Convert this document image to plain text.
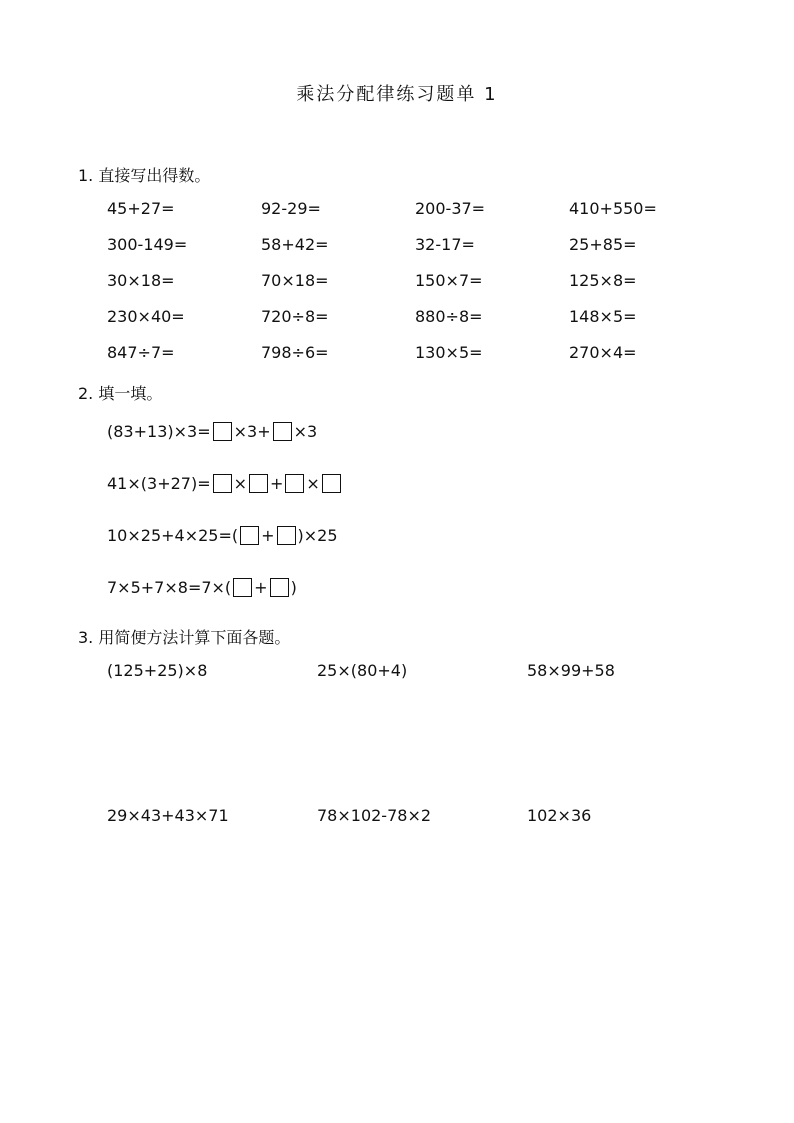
乘法分配律练习题单 1
1. 直接写出得数。
45+27=	92-29=	200-37=	410+550=
300-149=	58+42=	32-17=	25+85=
30×18=	70×18=	150×7=	125×8=
230×40=	720÷8=	880÷8=	148×5=
847÷7=	798÷6=	130×5=	270×4=
2. 填一填。
(83+13)×3= ×3+ ×3
41×(3+27)= × + ×
10×25+4×25=( + )×25
7×5+7×8=7×( + )
3. 用简便方法计算下面各题。
(125+25)×8	25×(80+4)	58×99+58
29×43+43×71	78×102-78×2	102×36
